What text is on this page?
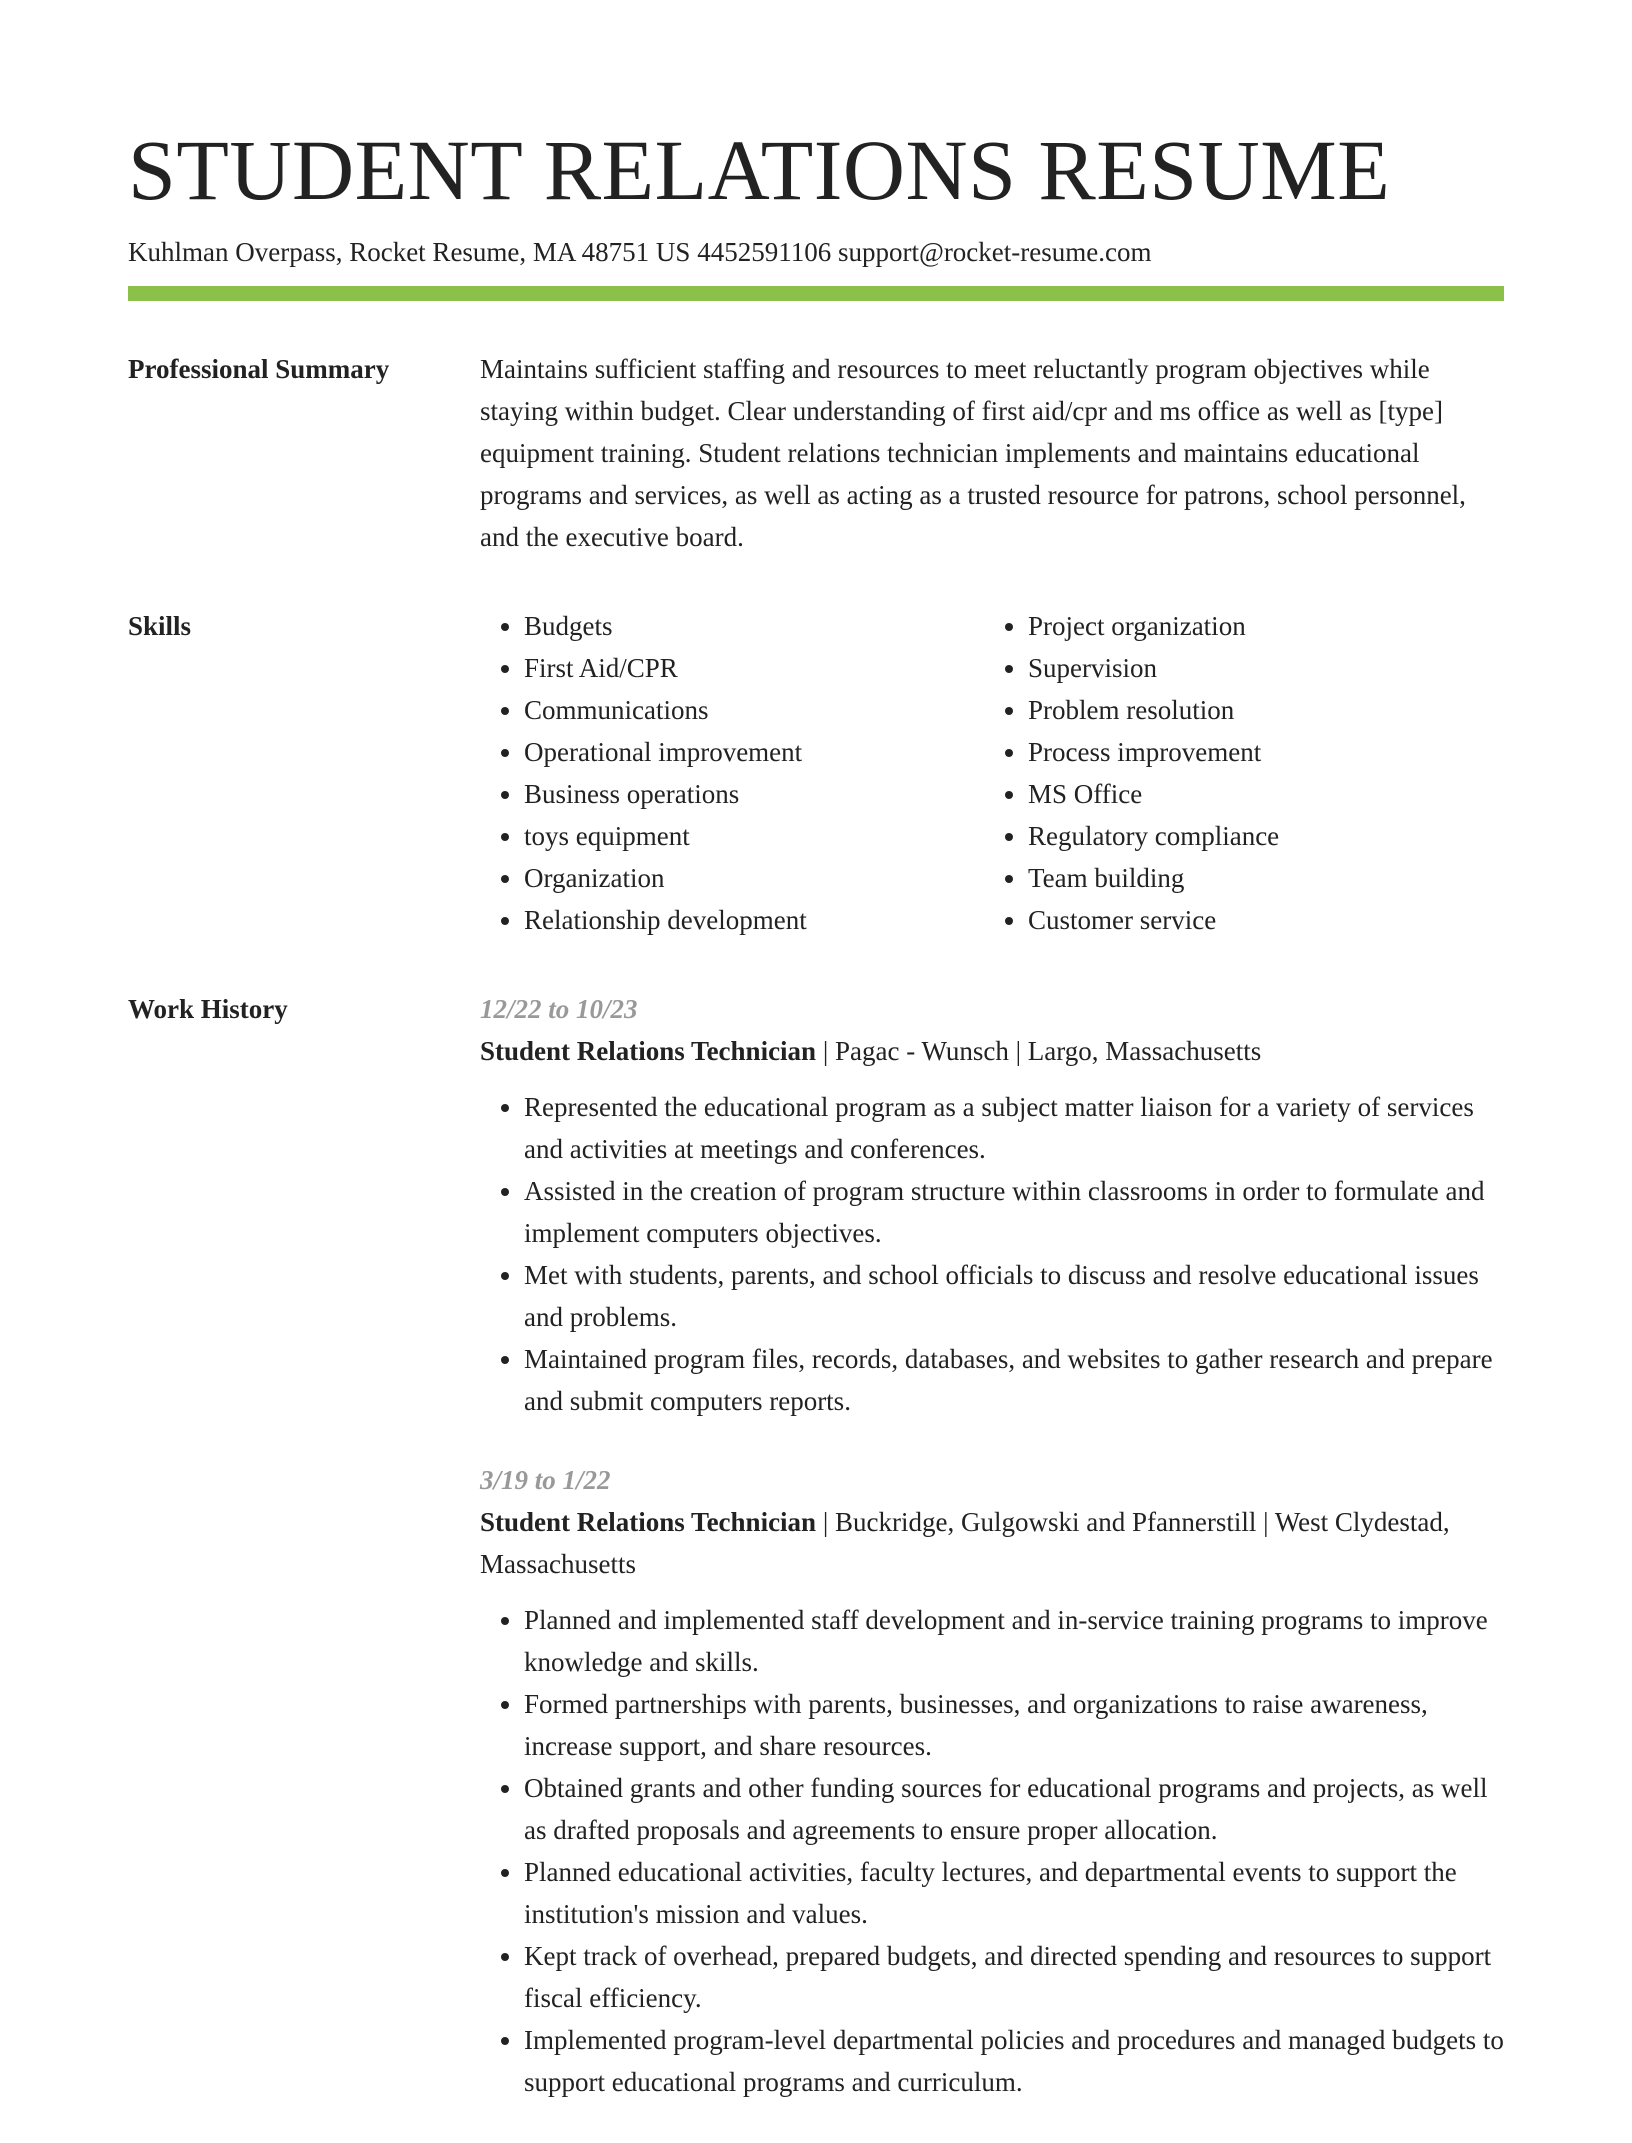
STUDENT RELATIONS RESUME
Kuhlman Overpass, Rocket Resume, MA 48751 US 4452591106 support@rocket-resume.com
Professional Summary	Maintains sufficient staffing and resources to meet reluctantly program objectives while staying within budget. Clear understanding of first aid/cpr and ms office as well as [type] equipment training. Student relations technician implements and maintains educational programs and services, as well as acting as a trusted resource for patrons, school personnel, and the executive board.

Skills
•	Budgets
• First Aid/CPR
• Communications
• Operational improvement
• Business operations
• toys equipment
• Organization
• Relationship development
• Project organization
• Supervision
• Problem resolution
• Process improvement
• MS Office
• Regulatory compliance
• Team building
• Customer service
Work History	12/22 to 10/23
Student Relations Technician | Pagac - Wunsch | Largo, Massachusetts
• Represented the educational program as a subject matter liaison for a variety of services and activities at meetings and conferences.
• Assisted in the creation of program structure within classrooms in order to formulate and implement computers objectives.
• Met with students, parents, and school officials to discuss and resolve educational issues and problems.
• Maintained program files, records, databases, and websites to gather research and prepare and submit computers reports.
3/19 to 1/22
Student Relations Technician | Buckridge, Gulgowski and Pfannerstill | West Clydestad, Massachusetts
• Planned and implemented staff development and in-service training programs to improve knowledge and skills.
• Formed partnerships with parents, businesses, and organizations to raise awareness, increase support, and share resources.
• Obtained grants and other funding sources for educational programs and projects, as well as drafted proposals and agreements to ensure proper allocation.
• Planned educational activities, faculty lectures, and departmental events to support the institution's mission and values.
• Kept track of overhead, prepared budgets, and directed spending and resources to support fiscal efficiency.
• Implemented program-level departmental policies and procedures and managed budgets to support educational programs and curriculum.
